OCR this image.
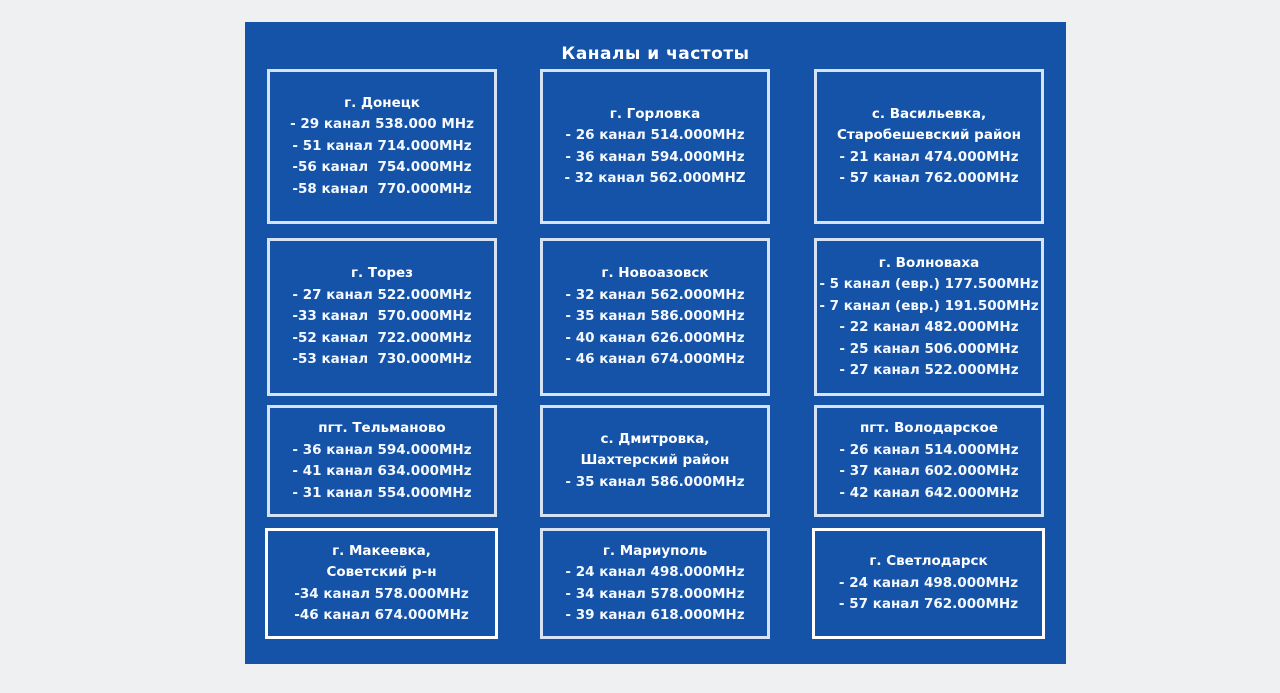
Каналы и частоты
г. Донецк
- 29 канал 538.000 MHz
- 51 канал 714.000MHz
-56 канал  754.000MHz
-58 канал  770.000MHz
г. Горловка
- 26 канал 514.000MHz
- 36 канал 594.000MHz
- 32 канал 562.000MHZ
с. Васильевка,
Старобешевский район
- 21 канал 474.000MHz
- 57 канал 762.000MHz
г. Торез
- 27 канал 522.000MHz
-33 канал  570.000MHz
-52 канал  722.000MHz
-53 канал  730.000MHz
г. Новоазовск
- 32 канал 562.000MHz
- 35 канал 586.000MHz
- 40 канал 626.000MHz
- 46 канал 674.000MHz
г. Волноваха
- 5 канал (евр.) 177.500MHz
- 7 канал (евр.) 191.500MHz
- 22 канал 482.000MHz
- 25 канал 506.000MHz
- 27 канал 522.000MHz
пгт. Тельманово
- 36 канал 594.000MHz
- 41 канал 634.000MHz
- 31 канал 554.000MHz
с. Дмитровка,
Шахтерский район
- 35 канал 586.000MHz
пгт. Володарское
- 26 канал 514.000MHz
- 37 канал 602.000MHz
- 42 канал 642.000MHz
г. Макеевка,
Советский р-н
-34 канал 578.000MHz
-46 канал 674.000MHz
г. Мариуполь
- 24 канал 498.000MHz
- 34 канал 578.000MHz
- 39 канал 618.000MHz
г. Светлодарск
- 24 канал 498.000MHz
- 57 канал 762.000MHz
